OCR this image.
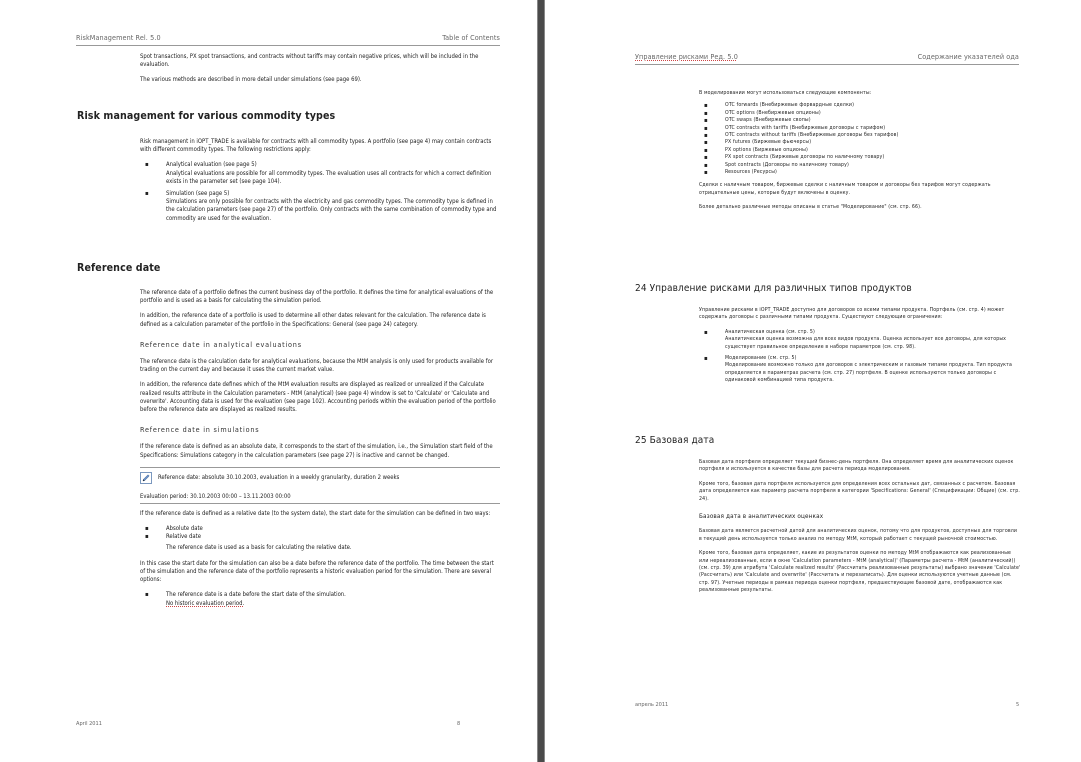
RiskManagement Rel. 5.0	Table of Contents

Spot transactions, PX spot transactions, and contracts without tariffs may contain negative prices, which will be included in the evaluation.

The various methods are described in more detail under simulations (see page 69).

Risk management for various commodity types

Risk management in iOPT_TRADE is available for contracts with all commodity types. A portfolio (see page 4) may contain contracts with different commodity types. The following restrictions apply:

▪ Analytical evaluation (see page 5)
Analytical evaluations are possible for all commodity types. The evaluation uses all contracts for which a correct definition exists in the parameter set (see page 104).
▪ Simulation (see page 5)
Simulations are only possible for contracts with the electricity and gas commodity types. The commodity type is defined in the calculation parameters (see page 27) of the portfolio. Only contracts with the same combination of commodity type and commodity are used for the evaluation.
Reference date

The reference date of a portfolio defines the current business day of the portfolio. It defines the time for analytical evaluations of the portfolio and is used as a basis for calculating the simulation period.

In addition, the reference date of a portfolio is used to determine all other dates relevant for the calculation. The reference date is defined as a calculation parameter of the portfolio in the Specifications: General (see page 24) category.

Reference date in analytical evaluations

The reference date is the calculation date for analytical evaluations, because the MtM analysis is only used for products available for trading on the current day and because it uses the current market value.

In addition, the reference date defines which of the MtM evaluation results are displayed as realized or unrealized if the Calculate realized results attribute in the Calculation parameters - MtM (analytical) (see page 4) window is set to 'Calculate' or 'Calculate and overwrite'. Accounting data is used for the evaluation (see page 102). Accounting periods within the evaluation period of the portfolio before the reference date are displayed as realized results.

Reference date in simulations

If the reference date is defined as an absolute date, it corresponds to the start of the simulation, i.e., the Simulation start field of the Specifications: Simulations category in the calculation parameters (see page 27) is inactive and cannot be changed.

Reference date: absolute 30.10.2003, evaluation in a weekly granularity, duration 2 weeks
Evaluation period: 30.10.2003 00:00 – 13.11.2003 00:00

If the reference date is defined as a relative date (to the system date), the start date for the simulation can be defined in two ways:

▪ Absolute date
▪ Relative date
The reference date is used as a basis for calculating the relative date.

In this case the start date for the simulation can also be a date before the reference date of the portfolio. The time between the start of the simulation and the reference date of the portfolio represents a historic evaluation period for the simulation. There are several options:

▪ The reference date is a date before the start date of the simulation.
No historic evaluation period.
April 2011	8
Управление рисками Ред. 5.0	Содержание указателей ода

В моделировании могут использоваться следующие компоненты:

▪ OTC forwards (Внебиржевые форвардные сделки)
▪ OTC options (Внебиржевые опционы)
▪ OTC swaps (Внебиржевые свопы)
▪ OTC contracts with tariffs (Внебиржевые договоры с тарифом)
▪ OTC contracts without tariffs (Внебиржевые договоры без тарифов)
▪ PX futures (Биржевые фьючерсы)
▪ PX options (Биржевые опционы)
▪ PX spot contracts (Биржевые договоры по наличному товару)
▪ Spot contracts (Договоры по наличному товару)
▪ Resources (Ресурсы)

Сделки с наличным товаром, биржевые сделки с наличным товаром и договоры без тарифов могут содержать отрицательные цены, которые будут включены в оценку.

Более детально различные методы описаны в статье "Моделирование" (см. стр. 66).

24 Управление рисками для различных типов продуктов

Управление рисками в iOPT_TRADE доступно для договоров со всеми типами продукта. Портфель (см. стр. 4) может содержать договоры с различными типами продукта. Существуют следующие ограничения:

▪ Аналитическая оценка (см. стр. 5)
Аналитическая оценка возможна для всех видов продукта. Оценка использует все договоры, для которых существует правильное определение в наборе параметров (см. стр. 98).
▪ Моделирование (см. стр. 5)
Моделирование возможно только для договоров с электрическим и газовым типами продукта. Тип продукта определяется в параметрах расчета (см. стр. 27) портфеля. В оценке используются только договоры с одинаковой комбинацией типа продукта.
25 Базовая дата

Базовая дата портфеля определяет текущий бизнес-день портфеля. Она определяет время для аналитических оценок портфеля и используется в качестве базы для расчета периода моделирования.

Кроме того, базовая дата портфеля используется для определения всех остальных дат, связанных с расчетом. Базовая дата определяется как параметр расчета портфеля в категории 'Specifications: General' (Спецификации: Общие) (см. стр. 24).

Базовая дата в аналитических оценках

Базовая дата является расчетной датой для аналитических оценок, потому что для продуктов, доступных для торговли в текущий день используется только анализ по методу MtM, который работает с текущей рыночной стоимостью.

Кроме того, базовая дата определяет, какие из результатов оценки по методу MtM отображаются как реализованные или нереализованные, если в окне 'Calculation parameters - MtM (analytical)' (Параметры расчета - MtM (аналитический)) (см. стр. 39) для атрибута 'Calculate realized results' (Рассчитать реализованные результаты) выбрано значение 'Calculate' (Рассчитать) или 'Calculate and overwrite' (Рассчитать и перезаписать). Для оценки используются учетные данные (см. стр. 97). Учетные периоды в рамках периода оценки портфеля, предшествующие базовой дате, отображаются как реализованные результаты.

апрель 2011	5
